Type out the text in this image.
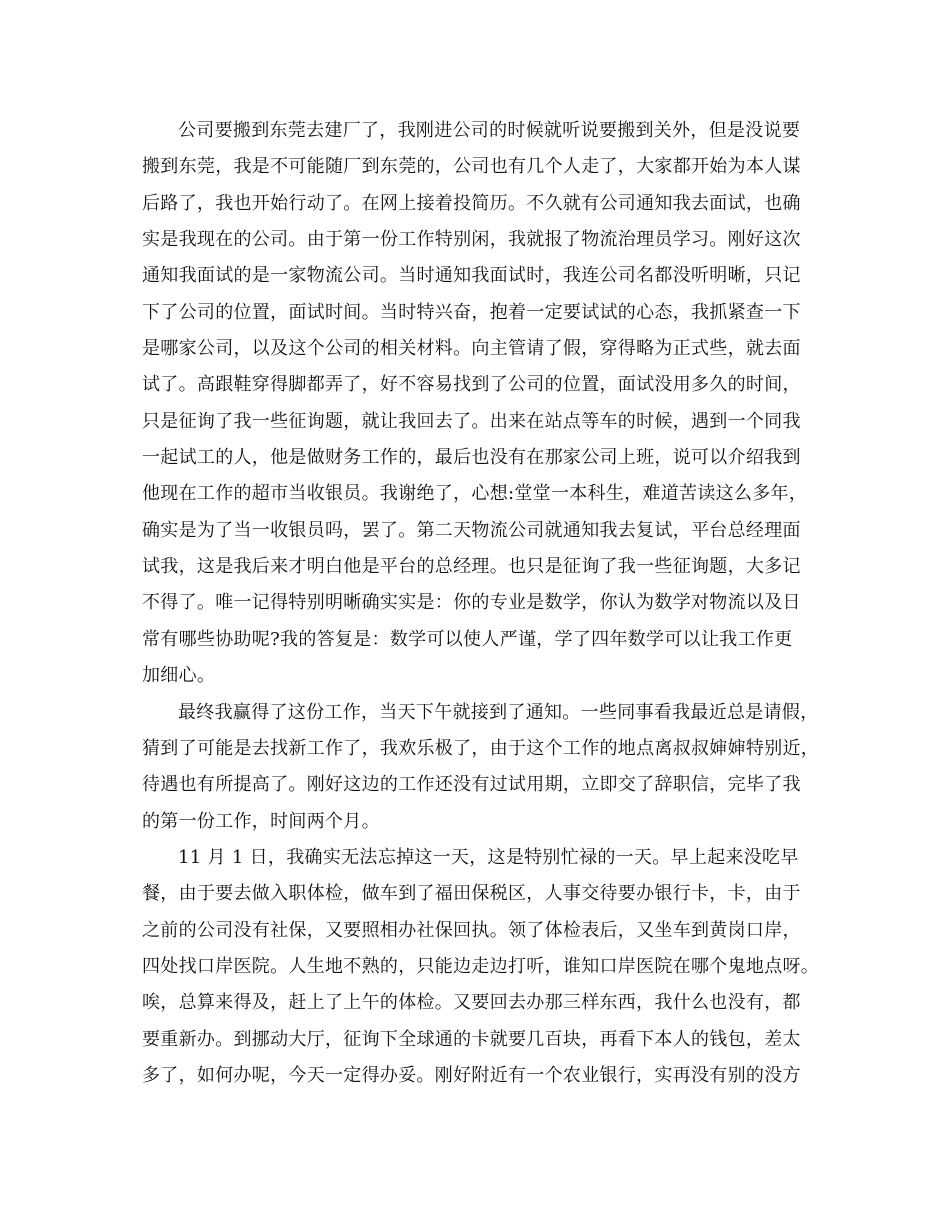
公司要搬到东莞去建厂了，我刚进公司的时候就听说要搬到关外，但是没说要
搬到东莞，我是不可能随厂到东莞的，公司也有几个人走了，大家都开始为本人谋
后路了，我也开始行动了。在网上接着投简历。不久就有公司通知我去面试，也确
实是我现在的公司。由于第一份工作特别闲，我就报了物流治理员学习。刚好这次
通知我面试的是一家物流公司。当时通知我面试时，我连公司名都没听明晰，只记
下了公司的位置，面试时间。当时特兴奋，抱着一定要试试的心态，我抓紧查一下
是哪家公司，以及这个公司的相关材料。向主管请了假，穿得略为正式些，就去面
试了。高跟鞋穿得脚都弄了，好不容易找到了公司的位置，面试没用多久的时间，
只是征询了我一些征询题，就让我回去了。出来在站点等车的时候，遇到一个同我
一起试工的人，他是做财务工作的，最后也没有在那家公司上班，说可以介绍我到
他现在工作的超市当收银员。我谢绝了，心想:堂堂一本科生，难道苦读这么多年，
确实是为了当一收银员吗，罢了。第二天物流公司就通知我去复试，平台总经理面
试我，这是我后来才明白他是平台的总经理。也只是征询了我一些征询题，大多记
不得了。唯一记得特别明晰确实实是：你的专业是数学，你认为数学对物流以及日
常有哪些协助呢?我的答复是：数学可以使人严谨，学了四年数学可以让我工作更
加细心。
最终我赢得了这份工作，当天下午就接到了通知。一些同事看我最近总是请假，
猜到了可能是去找新工作了，我欢乐极了，由于这个工作的地点离叔叔婶婶特别近，
待遇也有所提高了。刚好这边的工作还没有过试用期，立即交了辞职信，完毕了我
的第一份工作，时间两个月。
11 月 1 日，我确实无法忘掉这一天，这是特别忙禄的一天。早上起来没吃早
餐，由于要去做入职体检，做车到了福田保税区，人事交待要办银行卡，卡，由于
之前的公司没有社保，又要照相办社保回执。领了体检表后，又坐车到黄岗口岸，
四处找口岸医院。人生地不熟的，只能边走边打听，谁知口岸医院在哪个鬼地点呀。
唉，总算来得及，赶上了上午的体检。又要回去办那三样东西，我什么也没有，都
要重新办。到挪动大厅，征询下全球通的卡就要几百块，再看下本人的钱包，差太
多了，如何办呢，今天一定得办妥。刚好附近有一个农业银行，实再没有别的没方
